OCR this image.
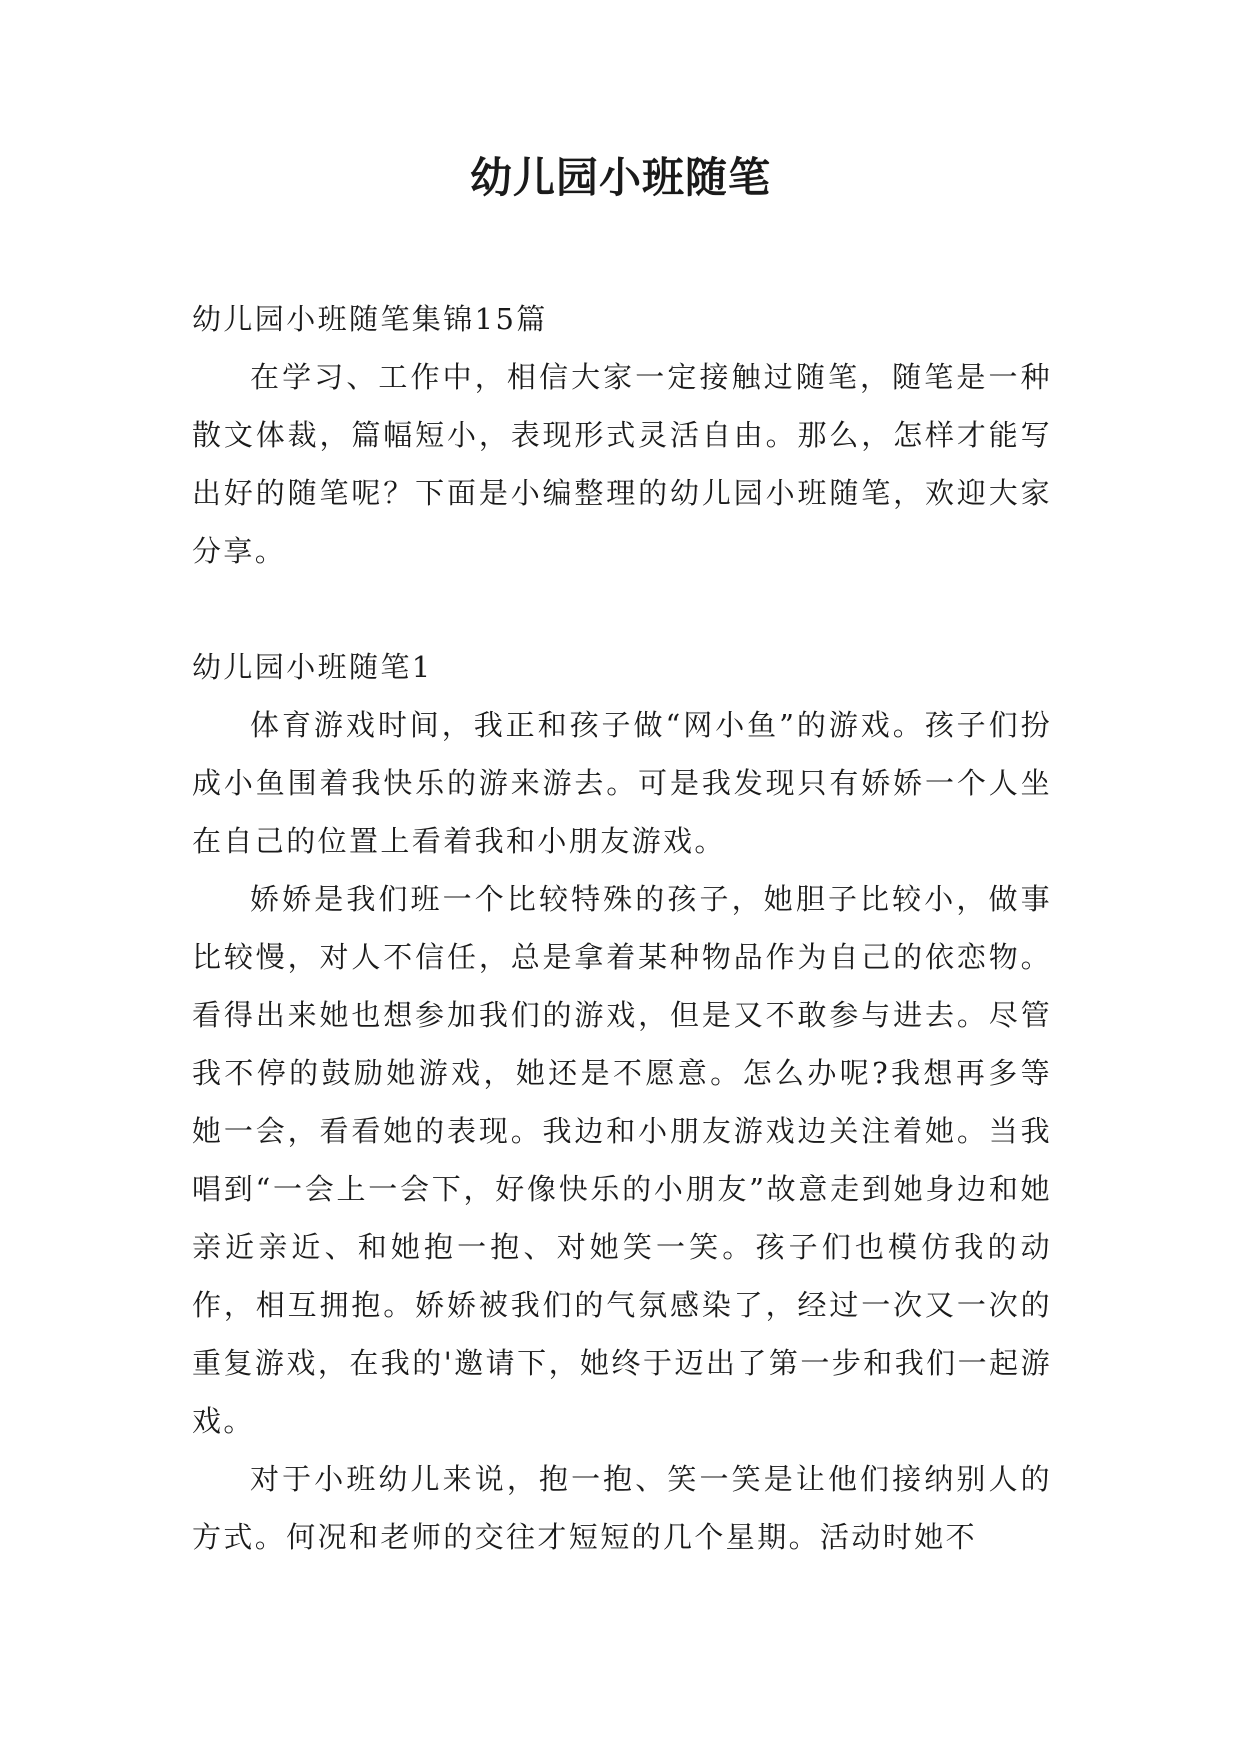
幼儿园小班随笔

幼儿园小班随笔集锦15篇

在学习、工作中，相信大家一定接触过随笔，随笔是一种散文体裁，篇幅短小，表现形式灵活自由。那么，怎样才能写出好的随笔呢？下面是小编整理的幼儿园小班随笔，欢迎大家分享。

幼儿园小班随笔1

体育游戏时间，我正和孩子做“网小鱼”的游戏。孩子们扮成小鱼围着我快乐的游来游去。可是我发现只有娇娇一个人坐在自己的位置上看着我和小朋友游戏。

娇娇是我们班一个比较特殊的孩子，她胆子比较小，做事比较慢，对人不信任，总是拿着某种物品作为自己的依恋物。看得出来她也想参加我们的游戏，但是又不敢参与进去。尽管我不停的鼓励她游戏，她还是不愿意。怎么办呢?我想再多等她一会，看看她的表现。我边和小朋友游戏边关注着她。当我唱到“一会上一会下，好像快乐的小朋友”故意走到她身边和她亲近亲近、和她抱一抱、对她笑一笑。孩子们也模仿我的动作，相互拥抱。娇娇被我们的气氛感染了，经过一次又一次的重复游戏，在我的'邀请下，她终于迈出了第一步和我们一起游戏。

对于小班幼儿来说，抱一抱、笑一笑是让他们接纳别人的方式。何况和老师的交往才短短的几个星期。活动时她不
